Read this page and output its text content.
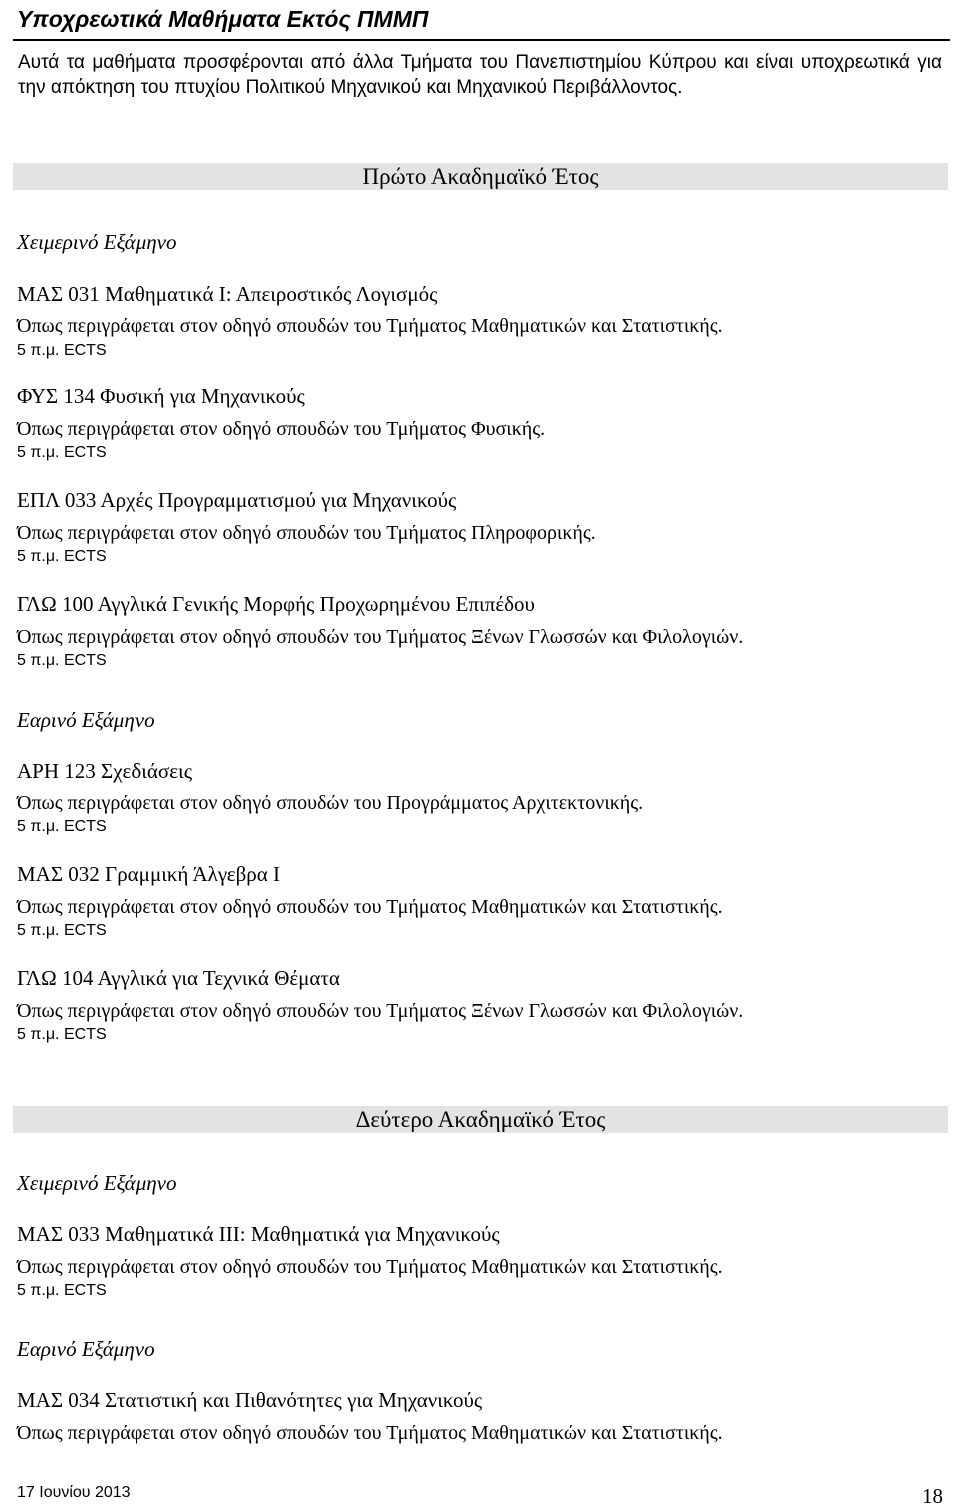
Υποχρεωτικά Μαθήματα Εκτός ΠΜΜΠ
Αυτά τα μαθήματα προσφέρονται από άλλα Τμήματα του Πανεπιστημίου Κύπρου και είναι υποχρεωτικά για την απόκτηση του πτυχίου Πολιτικού Μηχανικού και Μηχανικού Περιβάλλοντος.
Πρώτο Ακαδημαϊκό Έτος
Χειμερινό Εξάμηνο
ΜΑΣ 031 Μαθηματικά Ι: Απειροστικός Λογισμός
Όπως περιγράφεται στον οδηγό σπουδών του Τμήματος Μαθηματικών και Στατιστικής.
5 π.μ. ECTS
ΦΥΣ 134 Φυσική για Μηχανικούς
Όπως περιγράφεται στον οδηγό σπουδών του Τμήματος Φυσικής.
5 π.μ. ECTS
ΕΠΛ 033 Αρχές Προγραμματισμού για Μηχανικούς
Όπως περιγράφεται στον οδηγό σπουδών του Τμήματος Πληροφορικής.
5 π.μ. ECTS
ΓΛΩ 100 Αγγλικά Γενικής Μορφής Προχωρημένου Επιπέδου
Όπως περιγράφεται στον οδηγό σπουδών του Τμήματος Ξένων Γλωσσών και Φιλολογιών.
5 π.μ. ECTS
Εαρινό Εξάμηνο
ΑΡΗ 123 Σχεδιάσεις
Όπως περιγράφεται στον οδηγό σπουδών του Προγράμματος Αρχιτεκτονικής.
5 π.μ. ECTS
ΜΑΣ 032 Γραμμική Άλγεβρα Ι
Όπως περιγράφεται στον οδηγό σπουδών του Τμήματος Μαθηματικών και Στατιστικής.
5 π.μ. ECTS
ΓΛΩ 104 Αγγλικά για Τεχνικά Θέματα
Όπως περιγράφεται στον οδηγό σπουδών του Τμήματος Ξένων Γλωσσών και Φιλολογιών.
5 π.μ. ECTS
Δεύτερο Ακαδημαϊκό Έτος
Χειμερινό Εξάμηνο
ΜΑΣ 033 Μαθηματικά ΙΙΙ: Μαθηματικά για Μηχανικούς
Όπως περιγράφεται στον οδηγό σπουδών του Τμήματος Μαθηματικών και Στατιστικής.
5 π.μ. ECTS
Εαρινό Εξάμηνο
ΜΑΣ 034 Στατιστική και Πιθανότητες για Μηχανικούς
Όπως περιγράφεται στον οδηγό σπουδών του Τμήματος Μαθηματικών και Στατιστικής.
17 Ιουνίου 2013	18
